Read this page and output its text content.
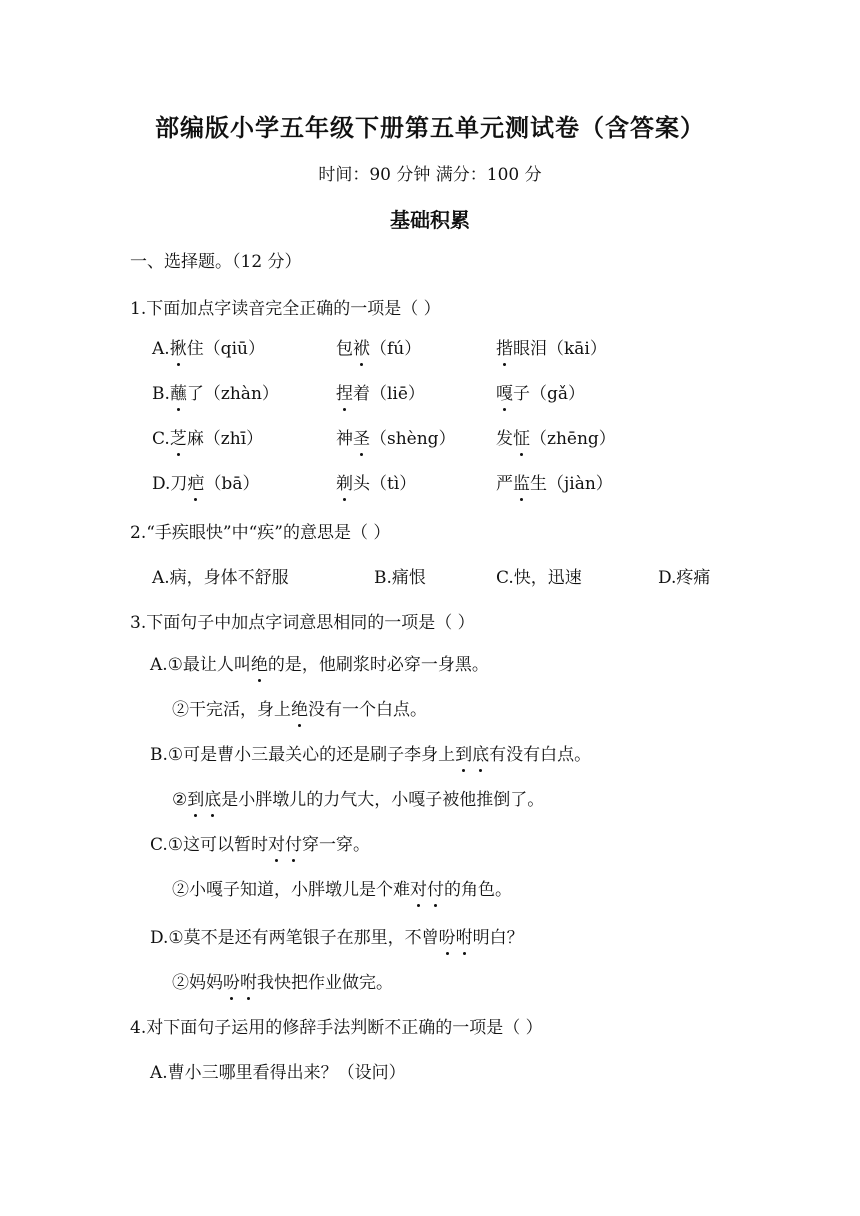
部编版小学五年级下册第五单元测试卷（含答案）
时间：90 分钟 满分：100 分
基础积累
一、选择题。（12 分）
1.下面加点字读音完全正确的一项是（ ）
A.揪住（qiū）	包袱（fú）	揩眼泪（kāi）
B.蘸了（zhàn）	捏着（liē）	嘎子（gǎ）
C.芝麻（zhī）	神圣（shèng） 发怔（zhēng）
D.刀疤（bā）	剃头（tì）	严监生（jiàn）
2.“手疾眼快”中“疾”的意思是（ ）
A.病，身体不舒服	B.痛恨	C.快，迅速	D.疼痛
3.下面句子中加点字词意思相同的一项是（ ）
A.①最让人叫绝的是，他刷浆时必穿一身黑。
②干完活，身上绝没有一个白点。
B.①可是曹小三最关心的还是刷子李身上到底有没有白点。
②到底是小胖墩儿的力气大，小嘎子被他推倒了。
C.①这可以暂时对付穿一穿。
②小嘎子知道，小胖墩儿是个难对付的角色。
D.①莫不是还有两笔银子在那里，不曾吩咐明白？
②妈妈吩咐我快把作业做完。
4.对下面句子运用的修辞手法判断不正确的一项是（ ）
A.曹小三哪里看得出来？（设问）
